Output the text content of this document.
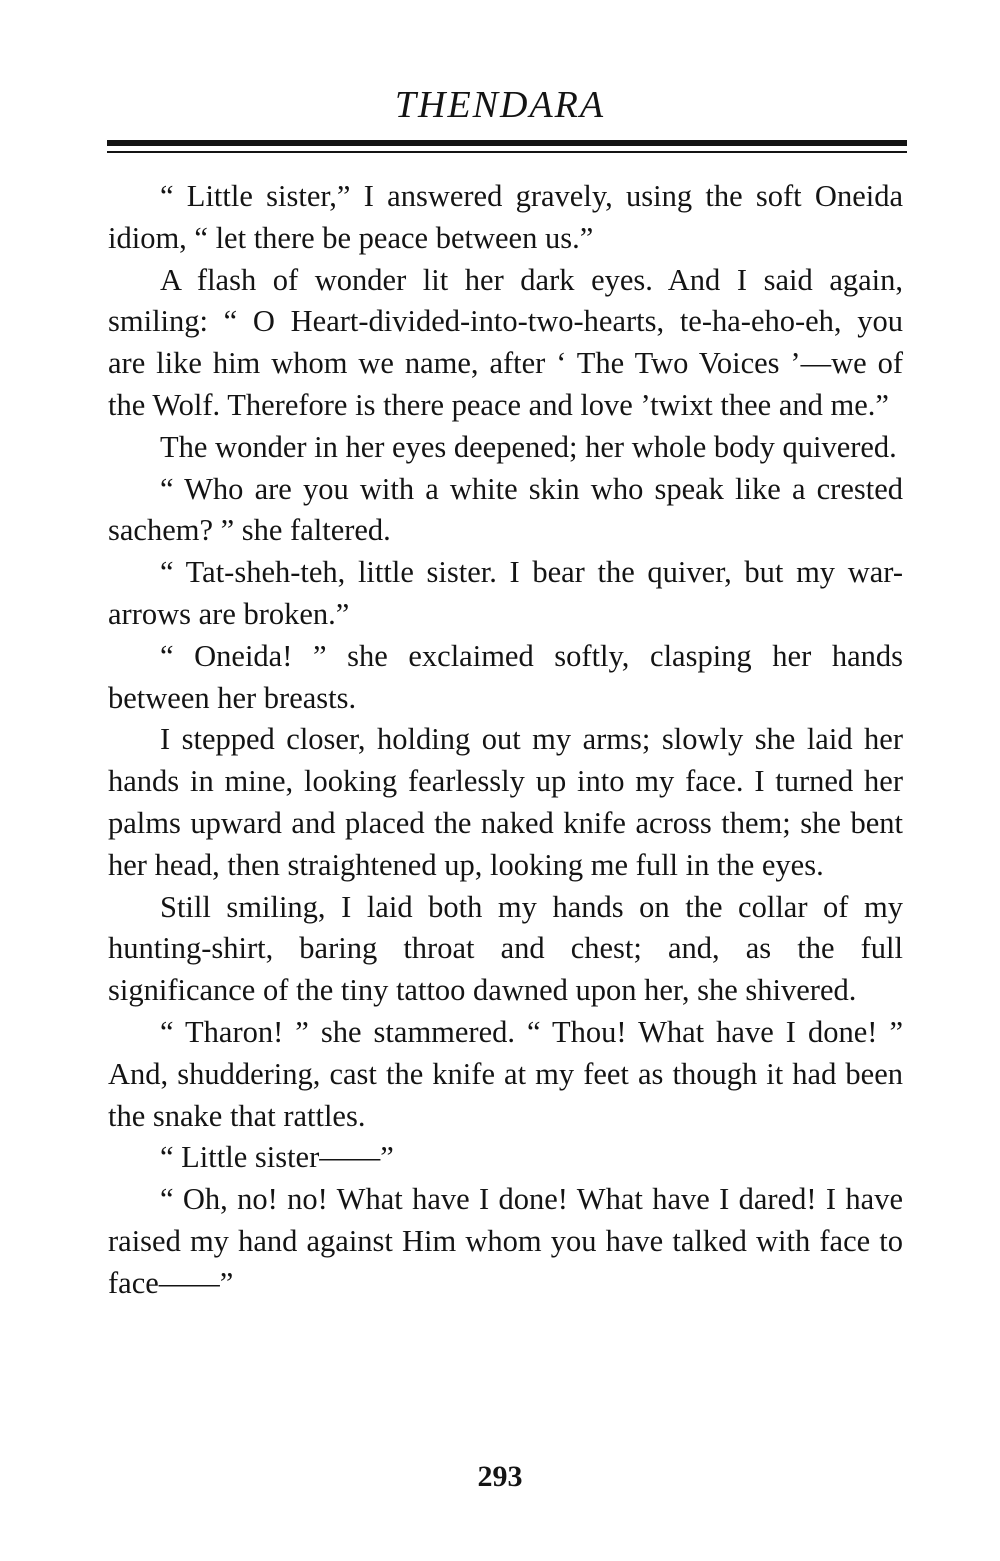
THENDARA

“ Little sister,” I answered gravely, using the soft Oneida idiom, “ let there be peace between us.”

A flash of wonder lit her dark eyes. And I said again, smiling: “ O Heart-divided-into-two-hearts, te-ha-eho-eh, you are like him whom we name, after ‘ The Two Voices ’—we of the Wolf. Therefore is there peace and love ’twixt thee and me.”

The wonder in her eyes deepened; her whole body quivered.

“ Who are you with a white skin who speak like a crested sachem? ” she faltered.

“ Tat-sheh-teh, little sister. I bear the quiver, but my war-arrows are broken.”

“ Oneida! ” she exclaimed softly, clasping her hands between her breasts.

I stepped closer, holding out my arms; slowly she laid her hands in mine, looking fearlessly up into my face. I turned her palms upward and placed the naked knife across them; she bent her head, then straightened up, looking me full in the eyes.

Still smiling, I laid both my hands on the collar of my hunting-shirt, baring throat and chest; and, as the full significance of the tiny tattoo dawned upon her, she shivered.

“ Tharon! ” she stammered. “ Thou! What have I done! ” And, shuddering, cast the knife at my feet as though it had been the snake that rattles.

“ Little sister——”

“ Oh, no! no! What have I done! What have I dared! I have raised my hand against Him whom you have talked with face to face——”

293
